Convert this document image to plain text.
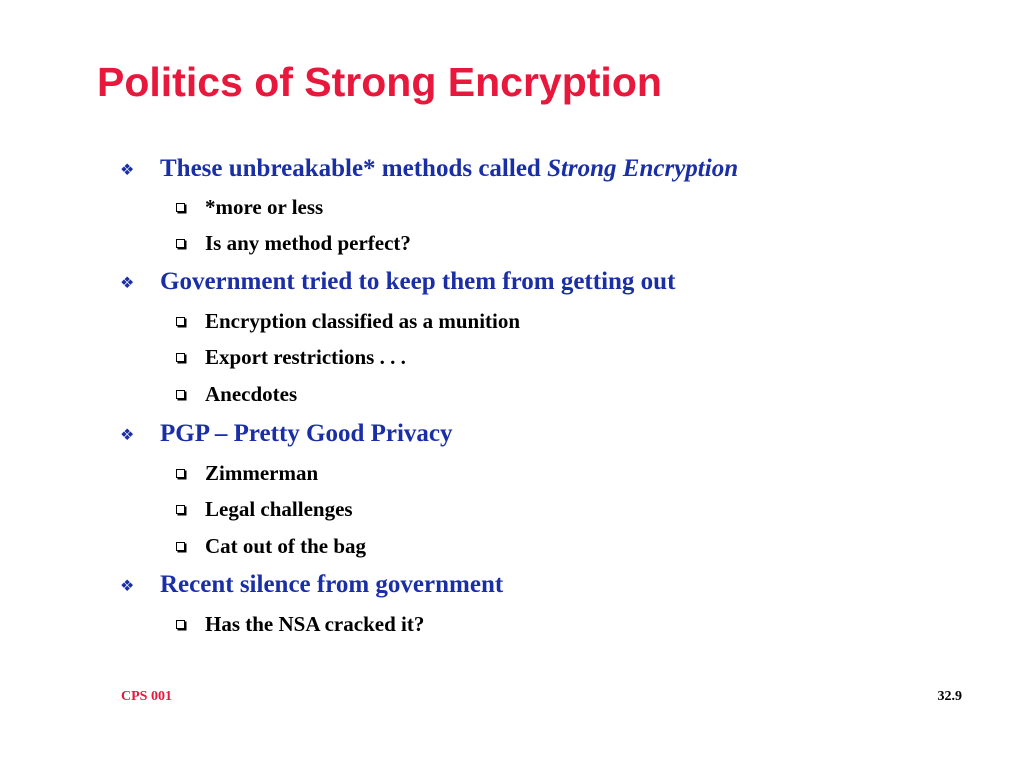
Politics of Strong Encryption
❖ These unbreakable* methods called Strong Encryption
*more or less
Is any method perfect?
❖ Government tried to keep them from getting out
Encryption classified as a munition
Export restrictions . . .
Anecdotes
❖ PGP – Pretty Good Privacy
Zimmerman
Legal challenges
Cat out of the bag
❖ Recent silence from government
Has the NSA cracked it?
CPS 001	32.9
